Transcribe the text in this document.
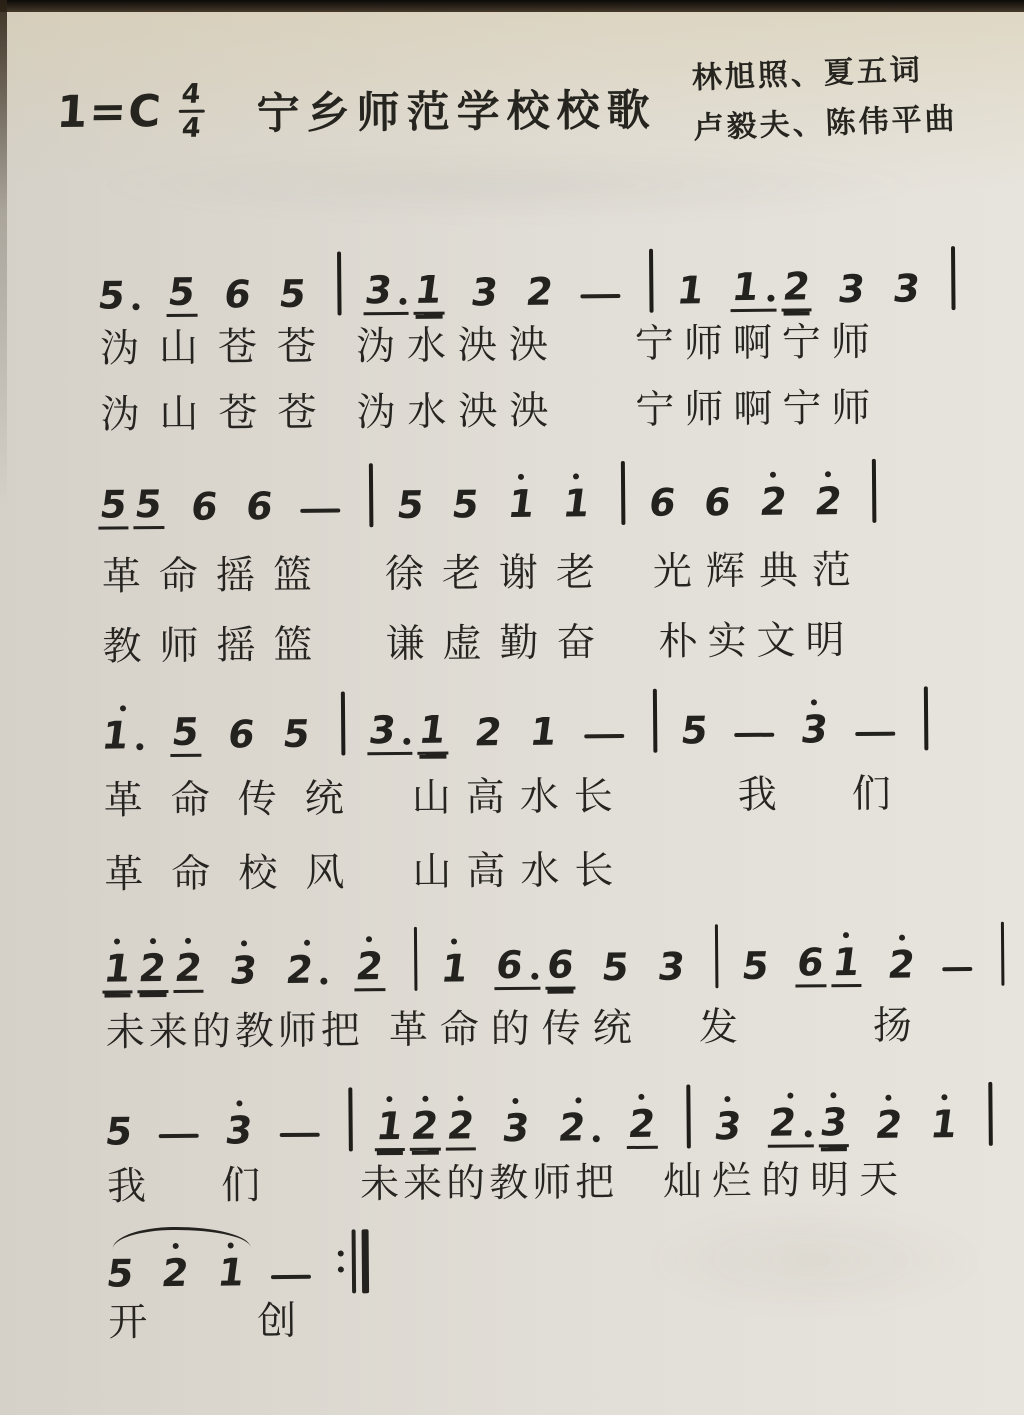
$1=C \frac{4}{4}$ 宁乡师范学校校歌
林旭照、夏五词
卢毅夫、陈伟平曲
5 5 6 5 3 1 3 2	1 1 2 3 3
沩山苍苍 沩水泱泱 宁师啊宁师
沩山苍苍 沩水泱泱 宁师啊宁师
5 5 6 6	5 5 1 1 6 6 2 2
革命摇篮 徐老谢老 光辉典范
教师摇篮 谦虚勤奋 朴实文明
1 5 6 5 3 1 2 1	5 3
革命传统 山高水长	我 们
革命校风 山高水长
1 2 2 3 2 2 1 6 6 5 3 5 6 1 2
未来的教师把 革命的传统 发	扬
5 3	1 2 2 3 2 2 3 2 3 2 1
我 们	未来的教师把 灿烂的明天
5 2 1
开	创
